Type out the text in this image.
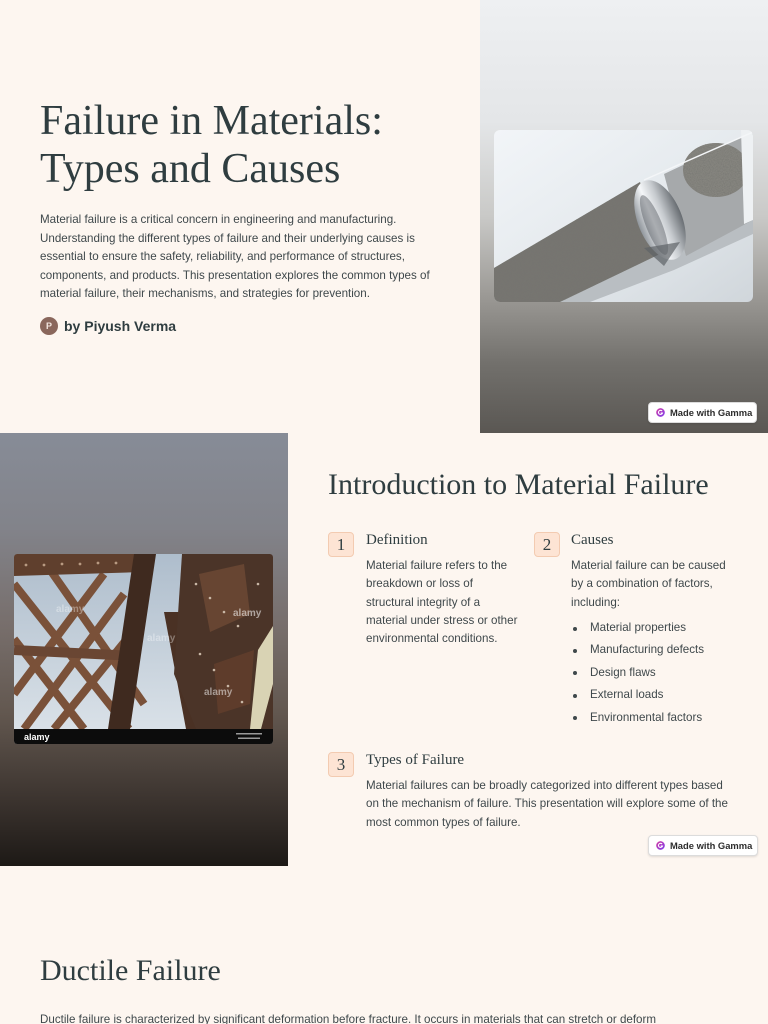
Failure in Materials: Types and Causes

Material failure is a critical concern in engineering and manufacturing. Understanding the different types of failure and their underlying causes is essential to ensure the safety, reliability, and performance of structures, components, and products. This presentation explores the common types of material failure, their mechanisms, and strategies for prevention.

P by Piyush Verma
Made with Gamma
alamy	alamy
alamy
alamy
alamy
Introduction to Material Failure
1	Definition

Material failure refers to the breakdown or loss of structural integrity of a material under stress or other environmental conditions.

2	Causes

Material failure can be caused by a combination of factors, including:

Material properties
Manufacturing defects
Design flaws
External loads
Environmental factors
3	Types of Failure

Material failures can be broadly categorized into different types based on the mechanism of failure. This presentation will explore some of the most common types of failure.

Made with Gamma
Ductile Failure

Ductile failure is characterized by significant deformation before fracture. It occurs in materials that can stretch or deform
